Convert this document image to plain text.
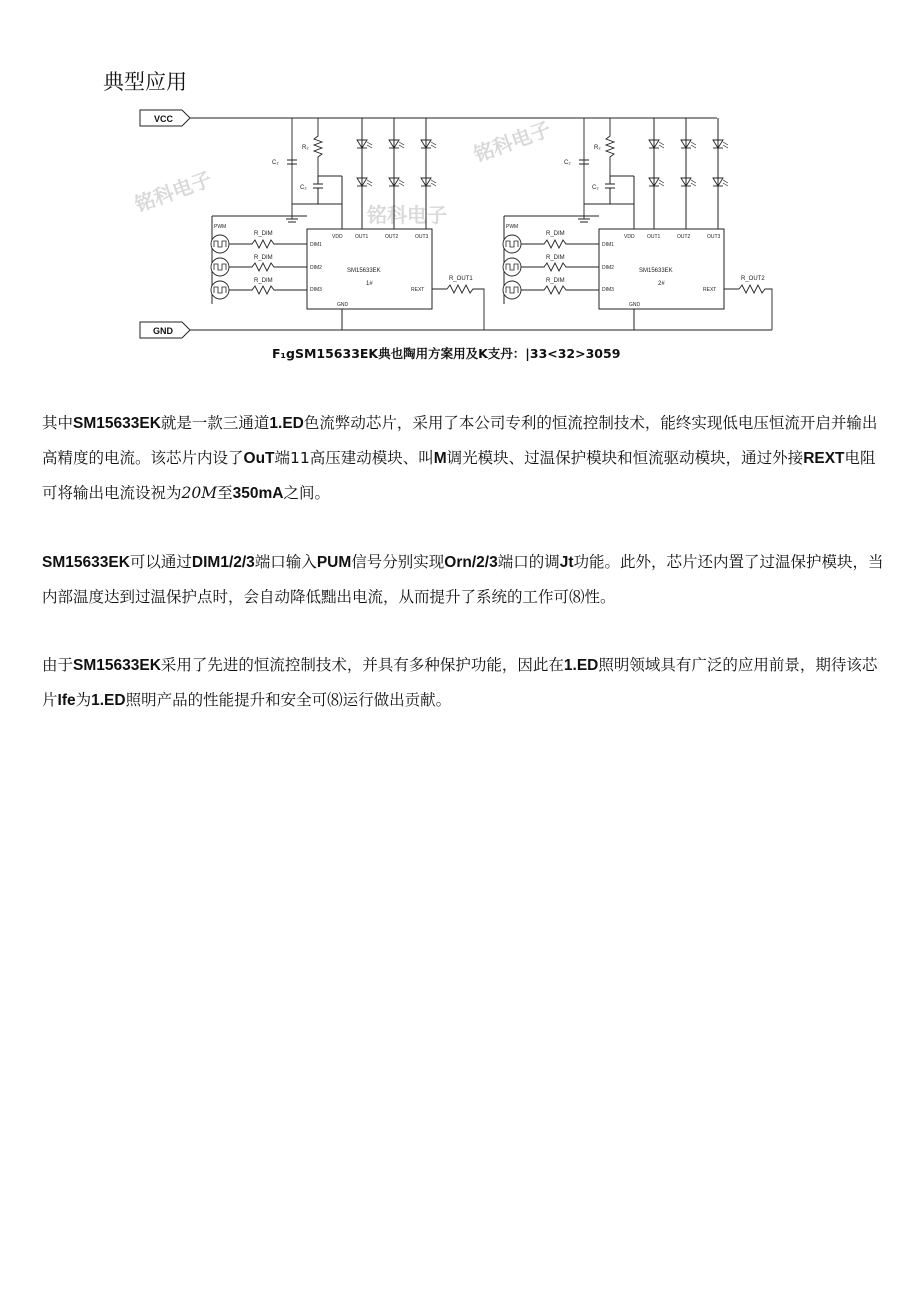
典型应用
铭科电子	铭科电子
铭科电子
VCC
GND
C₂
C₂
R₂
SM15633EK
1#
VDD OUT1	OUT2	OUT3
DIM1
DIM2
DIM3	REXT
GND
R_OUT1
PWM
R_DIM
R_DIM
R_DIM
C₂
C₂
R₂
SM15633EK
2#
VDD OUT1	OUT2	OUT3
DIM1
DIM2
DIM3	REXT
GND
R_OUT2
PWM
R_DIM
R_DIM
R_DIM
F₁gSM15633EK典也陶用方案用及K支丹：|33<32>3059

其中SM15633EK就是一款三通道1.ED色流弊动芯片，采用了本公司专利的恒流控制技术，能终实现低电压恒流开启并输出高精度的电流。该芯片内设了OuT端11高压建动模块、叫M调光模块、过温保护模块和恒流驱动模块，通过外接REXT电阻可将输出电流设祝为20M至350mA之间。

SM15633EK可以通过DIM1/2/3端口输入PUM信号分别实现Orn/2/3端口的调Jt功能。此外，芯片还内置了过温保护模块，当内部温度达到过温保护点时，会自动降低黜出电流，从而提升了系统的工作可⑻性。

由于SM15633EK采用了先进的恒流控制技术，并具有多种保护功能，因此在1.ED照明领域具有广泛的应用前景，期待该芯片Ife为1.ED照明产品的性能提升和安全可⑻运行做出贡献。
